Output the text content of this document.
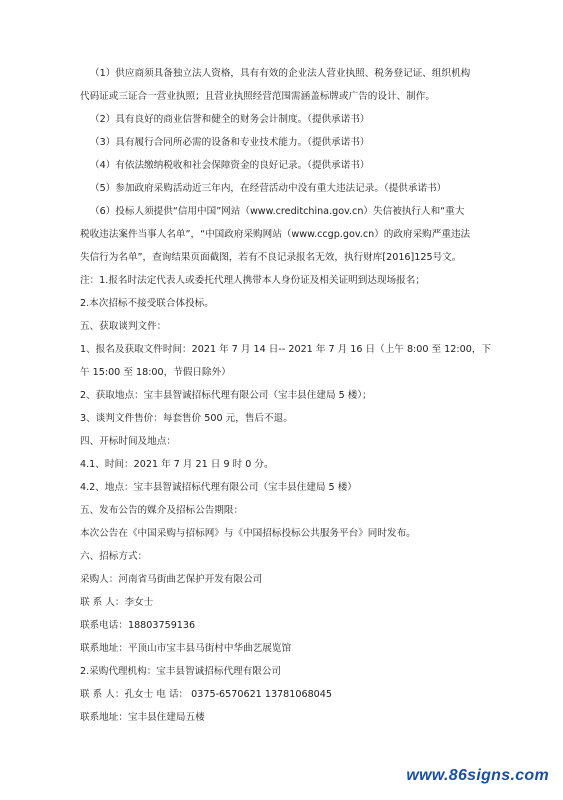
（1）供应商须具备独立法人资格，具有有效的企业法人营业执照、税务登记证、组织机构
代码证或三证合一营业执照；且营业执照经营范围需涵盖标牌或广告的设计、制作。
（2）具有良好的商业信誉和健全的财务会计制度。（提供承诺书）
（3）具有履行合同所必需的设备和专业技术能力。（提供承诺书）
（4）有依法缴纳税收和社会保障资金的良好记录。（提供承诺书）
（5）参加政府采购活动近三年内，在经营活动中没有重大违法记录。（提供承诺书）
（6）投标人须提供“信用中国”网站（www.creditchina.gov.cn）失信被执行人和“重大
税收违法案件当事人名单”，“中国政府采购网站（www.ccgp.gov.cn）的政府采购严重违法
失信行为名单”，查询结果页面截图，若有不良记录报名无效，执行财库[2016]125号文。
注：1.报名时法定代表人或委托代理人携带本人身份证及相关证明到达现场报名；
2.本次招标不接受联合体投标。
五、获取谈判文件：
1、报名及获取文件时间：2021 年 7 月 14 日-- 2021 年 7 月 16 日（上午 8:00 至 12:00，下
午 15:00 至 18:00，节假日除外）
2、获取地点：宝丰县智诚招标代理有限公司（宝丰县住建局 5 楼）；
3、谈判文件售价：每套售价 500 元，售后不退。
四、开标时间及地点：
4.1、时间：2021 年 7 月 21 日 9 时 0 分。
4.2、地点：宝丰县智诚招标代理有限公司（宝丰县住建局 5 楼）
五、发布公告的媒介及招标公告期限：
本次公告在《中国采购与招标网》与《中国招标投标公共服务平台》同时发布。
六、招标方式：
采购人：河南省马街曲艺保护开发有限公司
联 系 人：李女士
联系电话：18803759136
联系地址：平顶山市宝丰县马街村中华曲艺展览馆
2.采购代理机构：宝丰县智诚招标代理有限公司
联 系 人：孔女士 电 话： 0375-6570621 13781068045
联系地址：宝丰县住建局五楼
www.86signs.com
